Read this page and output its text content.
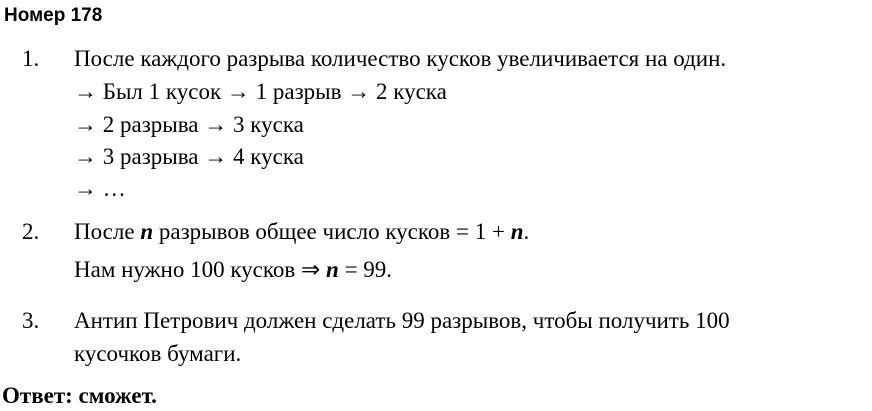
Номер 178
1. После каждого разрыва количество кусков увеличивается на один.
→ Был 1 кусок → 1 разрыв → 2 куска
→ 2 разрыва → 3 куска
→ 3 разрыва → 4 куска
→ …
2. После n разрывов общее число кусков = 1 + n.
Нам нужно 100 кусков ⇒ n = 99.
3. Антип Петрович должен сделать 99 разрывов, чтобы получить 100
кусочков бумаги.
Ответ: сможет.
